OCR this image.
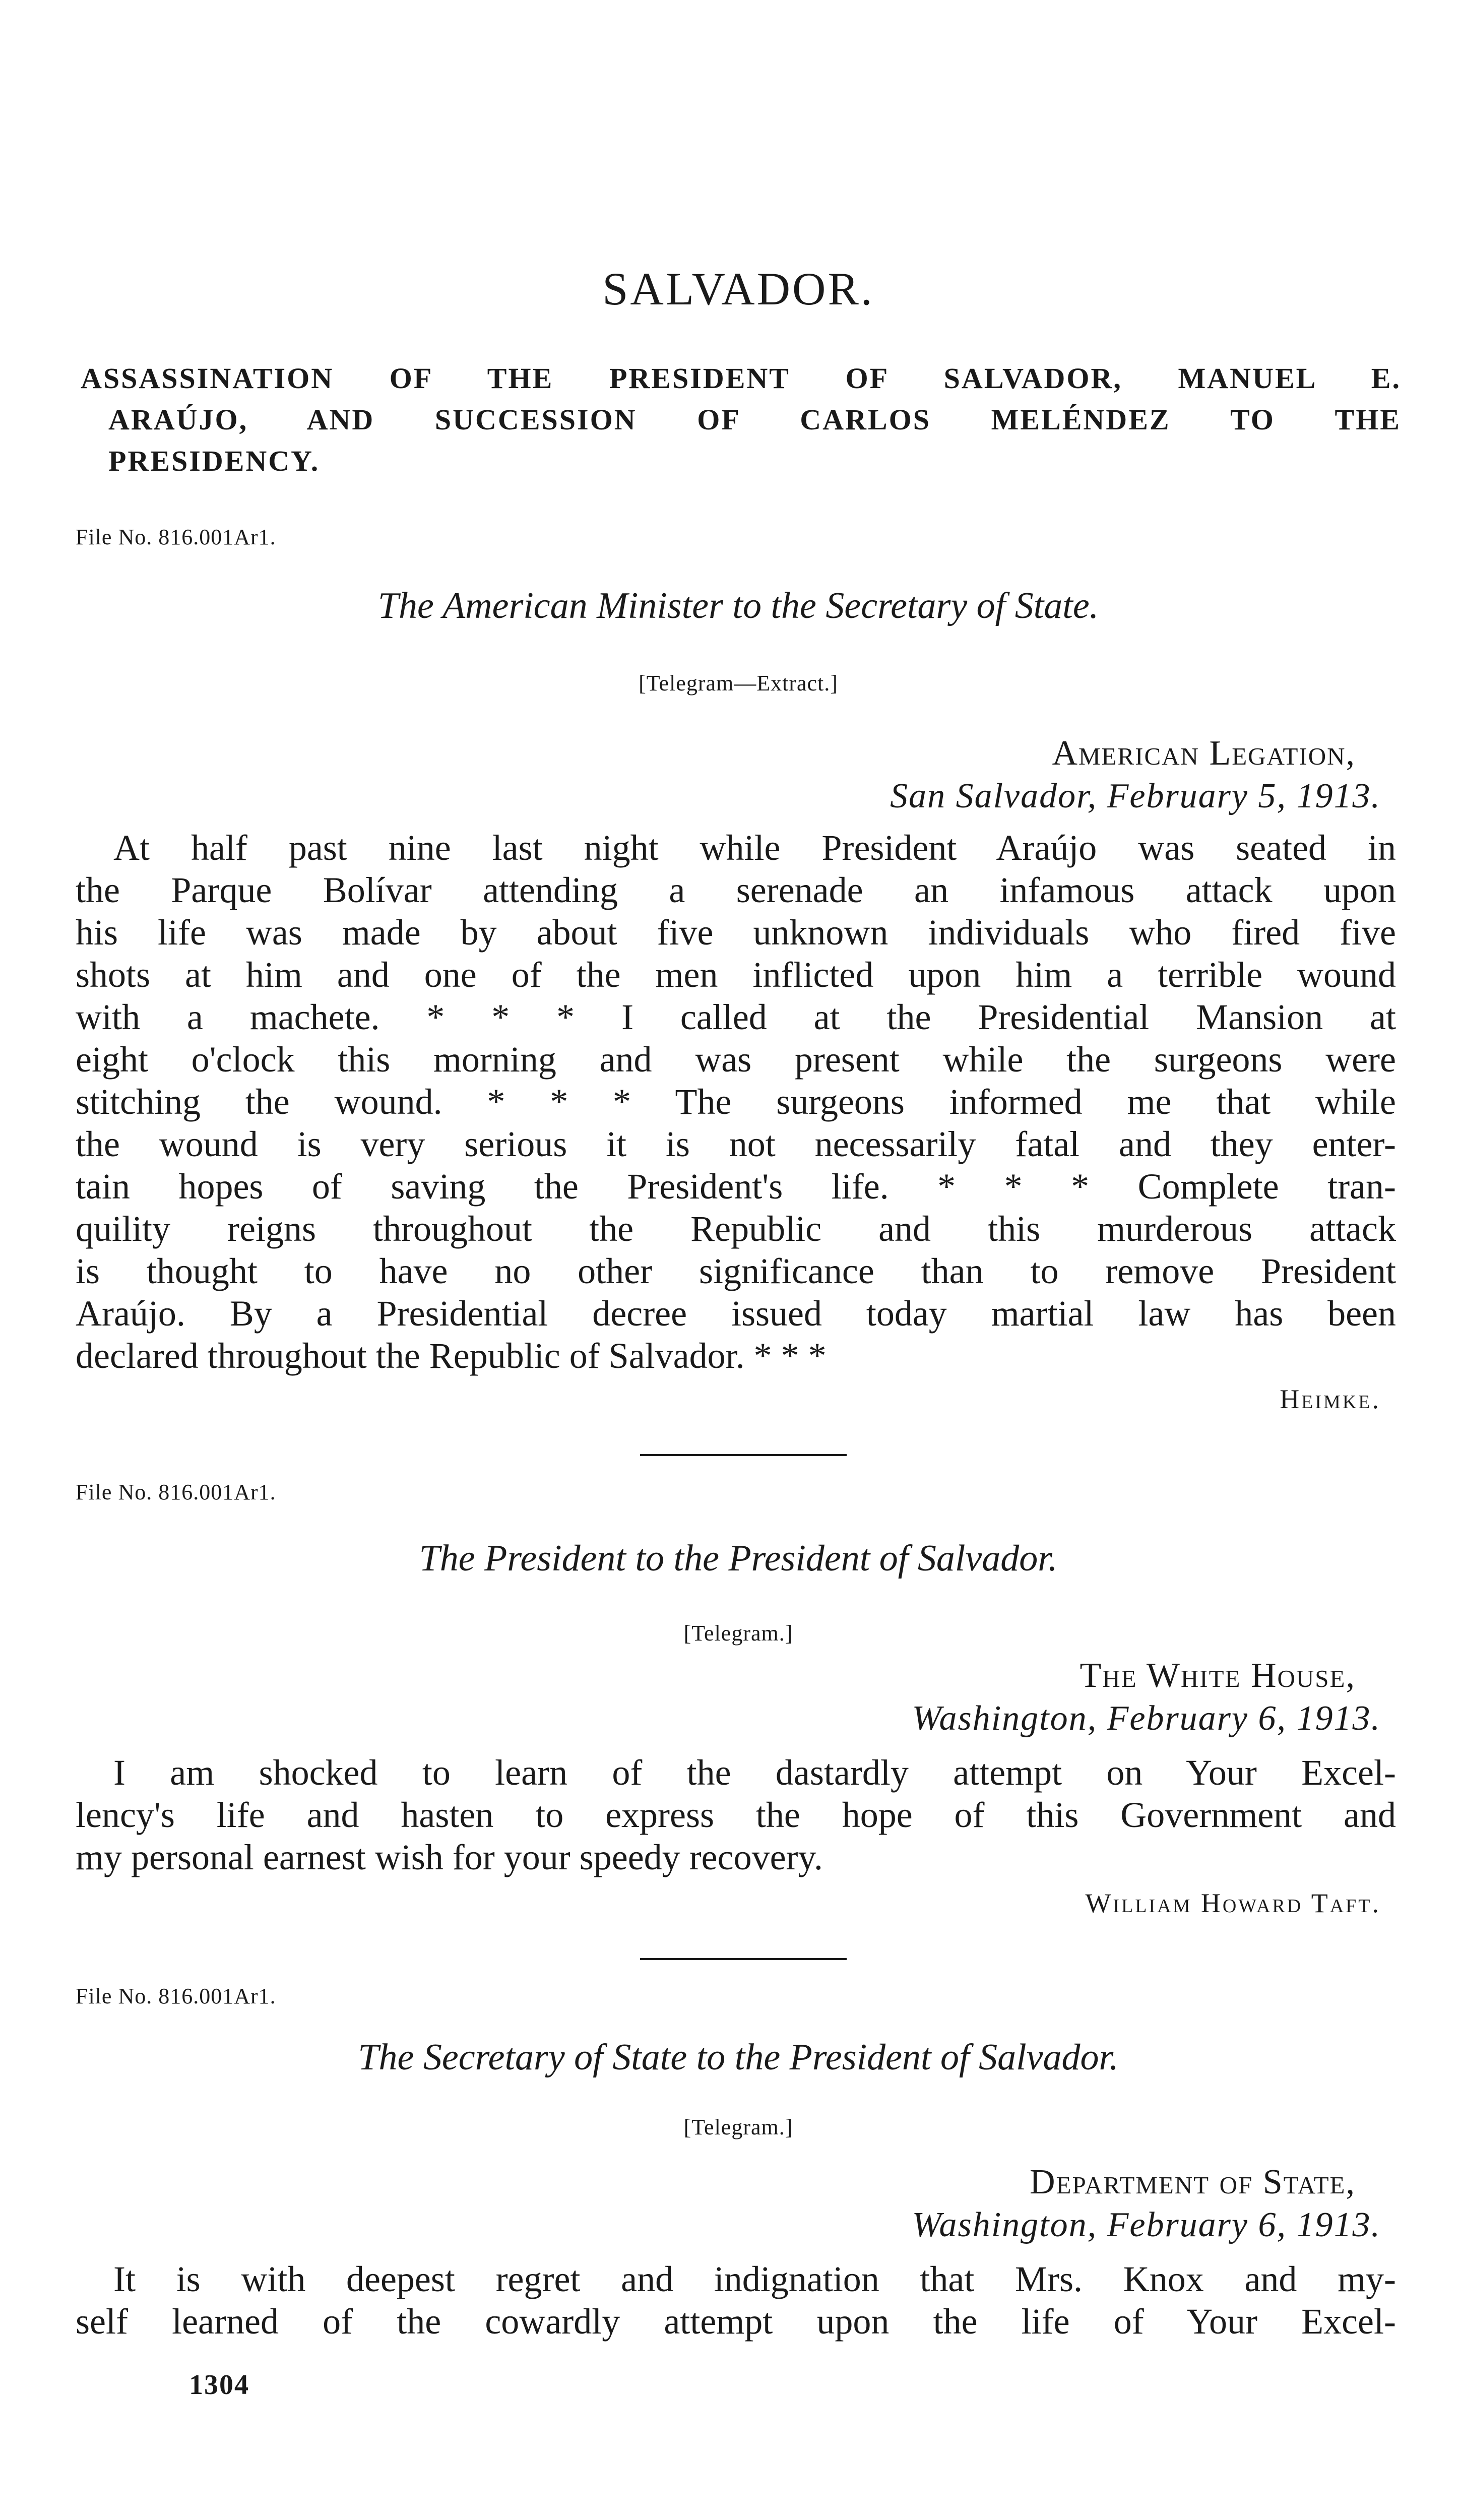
SALVADOR.
ASSASSINATION OF THE PRESIDENT OF SALVADOR, MANUEL E.
ARAÚJO, AND SUCCESSION OF CARLOS MELÉNDEZ TO THE
PRESIDENCY.
File No. 816.001Ar1.
The American Minister to the Secretary of State.
[Telegram—Extract.]
American Legation,
San Salvador, February 5, 1913.
At half past nine last night while President Araújo was seated in
the Parque Bolívar attending a serenade an infamous attack upon
his life was made by about five unknown individuals who fired five
shots at him and one of the men inflicted upon him a terrible wound
with a machete. * * * I called at the Presidential Mansion at
eight o'clock this morning and was present while the surgeons were
stitching the wound. * * * The surgeons informed me that while
the wound is very serious it is not necessarily fatal and they enter-
tain hopes of saving the President's life. * * * Complete tran-
quility reigns throughout the Republic and this murderous attack
is thought to have no other significance than to remove President
Araújo. By a Presidential decree issued today martial law has been
declared throughout the Republic of Salvador. * * *
Heimke.
File No. 816.001Ar1.
The President to the President of Salvador.
[Telegram.]
The White House,
Washington, February 6, 1913.
I am shocked to learn of the dastardly attempt on Your Excel-
lency's life and hasten to express the hope of this Government and
my personal earnest wish for your speedy recovery.
William Howard Taft.
File No. 816.001Ar1.
The Secretary of State to the President of Salvador.
[Telegram.]
Department of State,
Washington, February 6, 1913.
It is with deepest regret and indignation that Mrs. Knox and my-
self learned of the cowardly attempt upon the life of Your Excel-
1304
